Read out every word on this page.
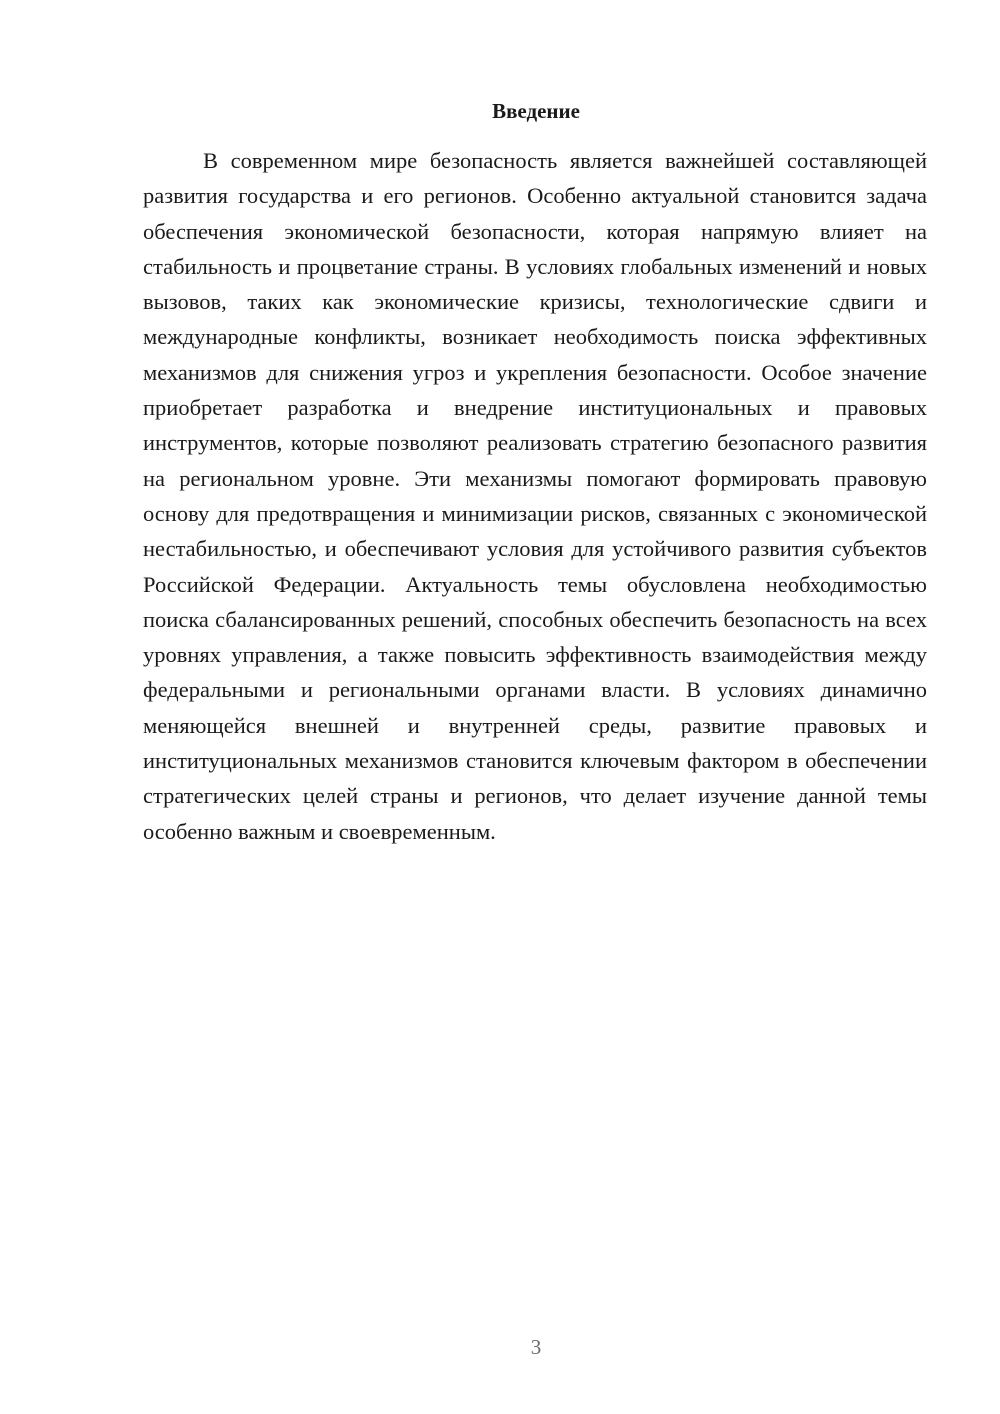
Введение

В современном мире безопасность является важнейшей составляющей развития государства и его регионов. Особенно актуальной становится задача обеспечения экономической безопасности, которая напрямую влияет на стабильность и процветание страны. В условиях глобальных изменений и новых вызовов, таких как экономические кризисы, технологические сдвиги и международные конфликты, возникает необходимость поиска эффективных механизмов для снижения угроз и укрепления безопасности. Особое значение приобретает разработка и внедрение институциональных и правовых инструментов, которые позволяют реализовать стратегию безопасного развития на региональном уровне. Эти механизмы помогают формировать правовую основу для предотвращения и минимизации рисков, связанных с экономической нестабильностью, и обеспечивают условия для устойчивого развития субъектов Российской Федерации. Актуальность темы обусловлена необходимостью поиска сбалансированных решений, способных обеспечить безопасность на всех уровнях управления, а также повысить эффективность взаимодействия между федеральными и региональными органами власти. В условиях динамично меняющейся внешней и внутренней среды, развитие правовых и институциональных механизмов становится ключевым фактором в обеспечении стратегических целей страны и регионов, что делает изучение данной темы особенно важным и своевременным.

3
